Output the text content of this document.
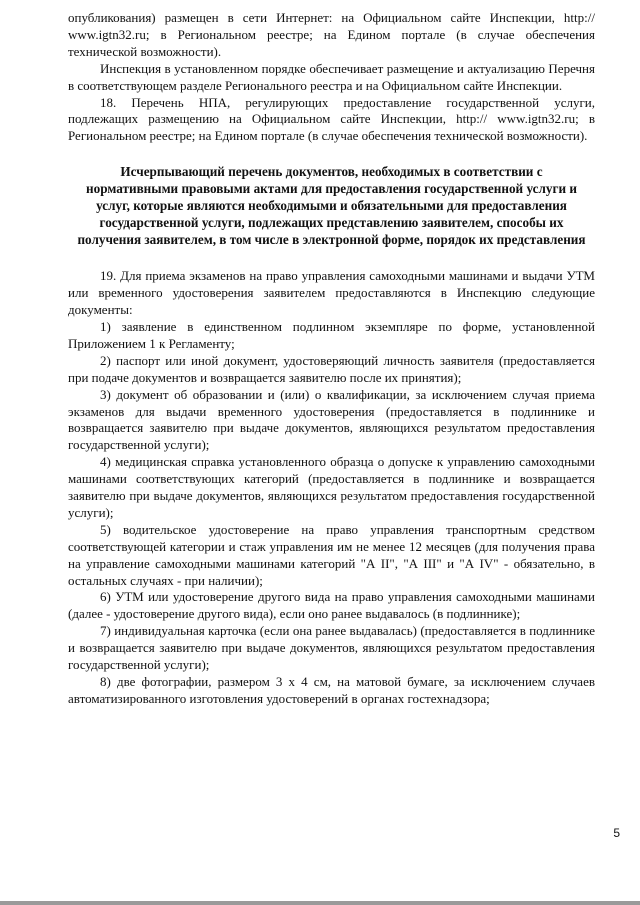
опубликования) размещен в сети Интернет: на Официальном сайте Инспекции, http:// www.igtn32.ru; в Региональном реестре; на Едином портале (в случае обеспечения технической возможности).

Инспекция в установленном порядке обеспечивает размещение и актуализацию Перечня в соответствующем разделе Регионального реестра и на Официальном сайте Инспекции.

18. Перечень НПА, регулирующих предоставление государственной услуги, подлежащих размещению на Официальном сайте Инспекции, http:// www.igtn32.ru; в Региональном реестре; на Едином портале (в случае обеспечения технической возможности).

Исчерпывающий перечень документов, необходимых в соответствии с нормативными правовыми актами для предоставления государственной услуги и услуг, которые являются необходимыми и обязательными для предоставления государственной услуги, подлежащих представлению заявителем, способы их получения заявителем, в том числе в электронной форме, порядок их представления

19. Для приема экзаменов на право управления самоходными машинами и выдачи УТМ или временного удостоверения заявителем предоставляются в Инспекцию следующие документы:

1) заявление в единственном подлинном экземпляре по форме, установленной Приложением 1 к Регламенту;

2) паспорт или иной документ, удостоверяющий личность заявителя (предоставляется при подаче документов и возвращается заявителю после их принятия);

3) документ об образовании и (или) о квалификации, за исключением случая приема экзаменов для выдачи временного удостоверения (предоставляется в подлиннике и возвращается заявителю при выдаче документов, являющихся результатом предоставления государственной услуги);

4) медицинская справка установленного образца о допуске к управлению самоходными машинами соответствующих категорий (предоставляется в подлиннике и возвращается заявителю при выдаче документов, являющихся результатом предоставления государственной услуги);

5) водительское удостоверение на право управления транспортным средством соответствующей категории и стаж управления им не менее 12 месяцев (для получения права на управление самоходными машинами категорий "А II", "А III" и "А IV" - обязательно, в остальных случаях - при наличии);

6) УТМ или удостоверение другого вида на право управления самоходными машинами (далее - удостоверение другого вида), если оно ранее выдавалось (в подлиннике);

7) индивидуальная карточка (если она ранее выдавалась) (предоставляется в подлиннике и возвращается заявителю при выдаче документов, являющихся результатом предоставления государственной услуги);

8) две фотографии, размером 3 х 4 см, на матовой бумаге, за исключением случаев автоматизированного изготовления удостоверений в органах гостехнадзора;

5
